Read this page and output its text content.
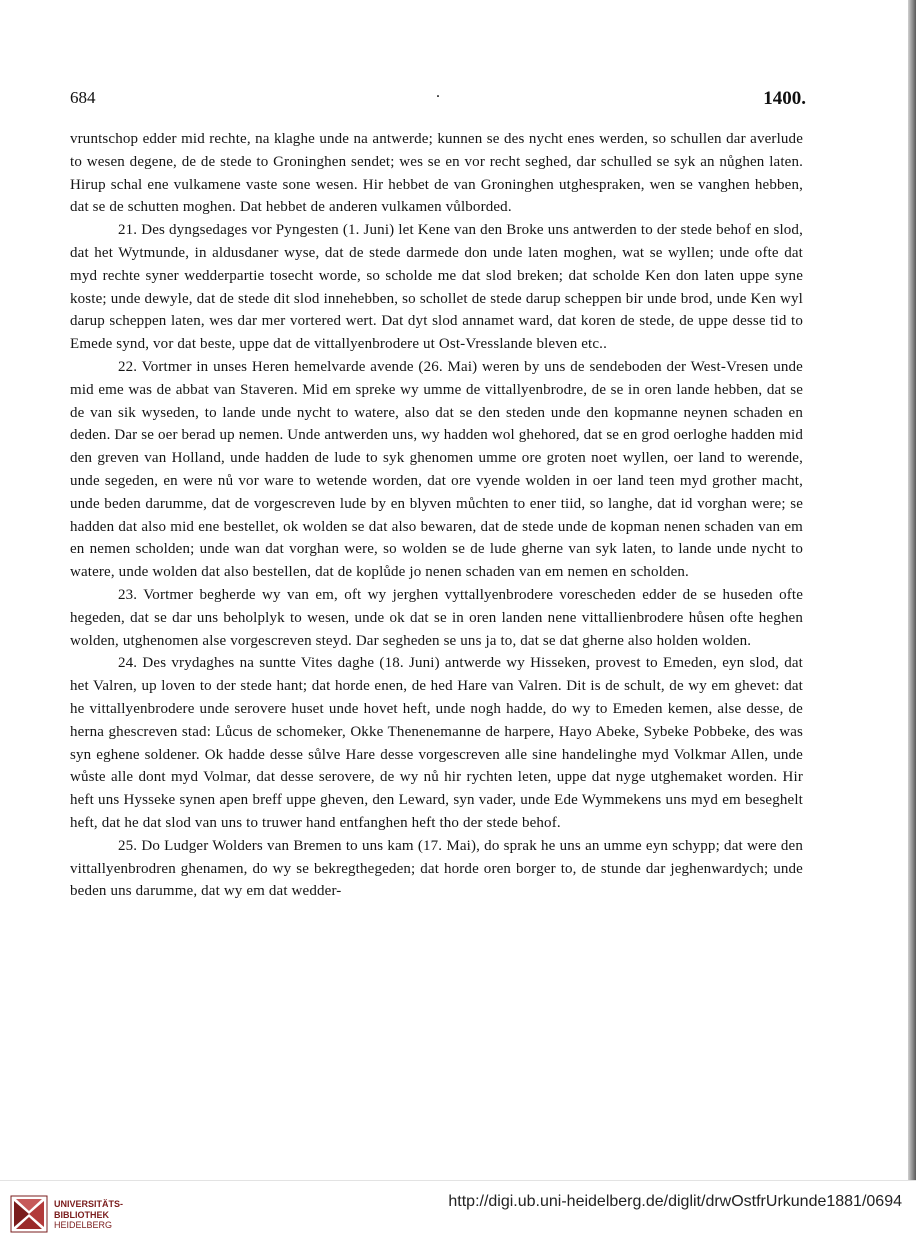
684	.	1400.

vruntschop edder mid rechte, na klaghe unde na antwerde; kunnen se des nycht enes werden, so schullen dar averlude to wesen degene, de de stede to Groninghen sendet; wes se en vor recht seghed, dar schulled se syk an nůghen laten. Hirup schal ene vulkamene vaste sone wesen. Hir hebbet de van Groninghen utghespraken, wen se vanghen hebben, dat se de schutten moghen. Dat hebbet de anderen vulkamen vůlborded.

21. Des dyngsedages vor Pyngesten (1. Juni) let Kene van den Broke uns antwerden to der stede behof en slod, dat het Wytmunde, in aldusdaner wyse, dat de stede darmede don unde laten moghen, wat se wyllen; unde ofte dat myd rechte syner wedderpartie tosecht worde, so scholde me dat slod breken; dat scholde Ken don laten uppe syne koste; unde dewyle, dat de stede dit slod innehebben, so schollet de stede darup scheppen bir unde brod, unde Ken wyl darup scheppen laten, wes dar mer vortered wert. Dat dyt slod annamet ward, dat koren de stede, de uppe desse tid to Emede synd, vor dat beste, uppe dat de vittallyenbrodere ut Ost-Vresslande bleven etc..

22. Vortmer in unses Heren hemelvarde avende (26. Mai) weren by uns de sendeboden der West-Vresen unde mid eme was de abbat van Staveren. Mid em spreke wy umme de vittallyenbrodre, de se in oren lande hebben, dat se de van sik wyseden, to lande unde nycht to watere, also dat se den steden unde den kopmanne neynen schaden en deden. Dar se oer berad up nemen. Unde antwerden uns, wy hadden wol ghehored, dat se en grod oerloghe hadden mid den greven van Holland, unde hadden de lude to syk ghenomen umme ore groten noet wyllen, oer land to werende, unde segeden, en were nů vor ware to wetende worden, dat ore vyende wolden in oer land teen myd grother macht, unde beden darumme, dat de vorgescreven lude by en blyven můchten to ener tiid, so langhe, dat id vorghan were; se hadden dat also mid ene bestellet, ok wolden se dat also bewaren, dat de stede unde de kopman nenen schaden van em en nemen scholden; unde wan dat vorghan were, so wolden se de lude gherne van syk laten, to lande unde nycht to watere, unde wolden dat also bestellen, dat de koplůde jo nenen schaden van em nemen en scholden.

23. Vortmer begherde wy van em, oft wy jerghen vyttallyenbrodere vorescheden edder de se huseden ofte hegeden, dat se dar uns beholplyk to wesen, unde ok dat se in oren landen nene vittallienbrodere hůsen ofte heghen wolden, utghenomen alse vorgescreven steyd. Dar segheden se uns ja to, dat se dat gherne also holden wolden.

24. Des vrydaghes na suntte Vites daghe (18. Juni) antwerde wy Hisseken, provest to Emeden, eyn slod, dat het Valren, up loven to der stede hant; dat horde enen, de hed Hare van Valren. Dit is de schult, de wy em ghevet: dat he vittallyenbrodere unde serovere huset unde hovet heft, unde nogh hadde, do wy to Emeden kemen, alse desse, de herna ghescreven stad: Lůcus de schomeker, Okke Thenenemanne de harpere, Hayo Abeke, Sybeke Pobbeke, des was syn eghene soldener. Ok hadde desse sůlve Hare desse vorgescreven alle sine handelinghe myd Volkmar Allen, unde wůste alle dont myd Volmar, dat desse serovere, de wy nů hir rychten leten, uppe dat nyge utghemaket worden. Hir heft uns Hysseke synen apen breff uppe gheven, den Leward, syn vader, unde Ede Wymmekens uns myd em beseghelt heft, dat he dat slod van uns to truwer hand entfanghen heft tho der stede behof.

25. Do Ludger Wolders van Bremen to uns kam (17. Mai), do sprak he uns an umme eyn schypp; dat were den vittallyenbrodren ghenamen, do wy se bekregthegeden; dat horde oren borger to, de stunde dar jeghenwardych; unde beden uns darumme, dat wy em dat wedder-

UNIVERSITÄTS-
BIBLIOTHEK
HEIDELBERG
http://digi.ub.uni-heidelberg.de/diglit/drwOstfrUrkunde1881/0694
